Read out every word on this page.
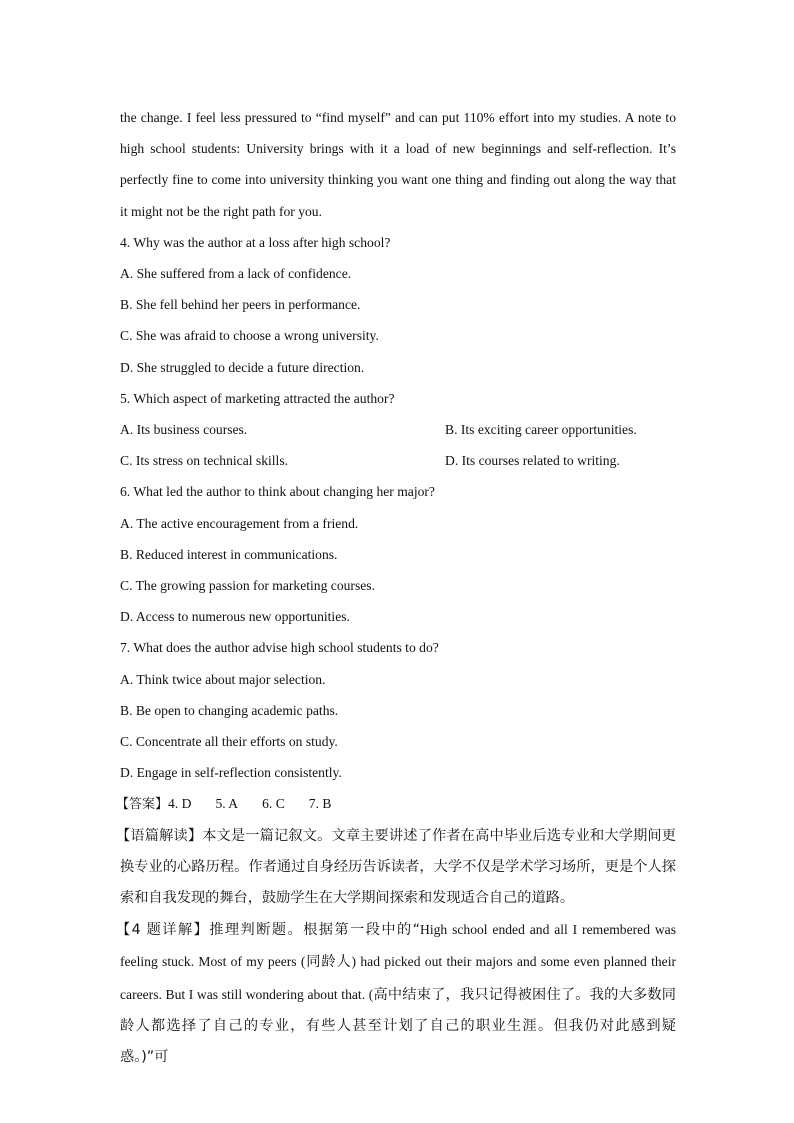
the change. I feel less pressured to “find myself” and can put 110% effort into my studies. A note to high school students: University brings with it a load of new beginnings and self-reflection. It’s perfectly fine to come into university thinking you want one thing and finding out along the way that it might not be the right path for you.

4. Why was the author at a loss after high school?

A. She suffered from a lack of confidence.

B. She fell behind her peers in performance.

C. She was afraid to choose a wrong university.

D. She struggled to decide a future direction.

5. Which aspect of marketing attracted the author?

A. Its business courses.	B. Its exciting career opportunities.
C. Its stress on technical skills.	D. Its courses related to writing.

6. What led the author to think about changing her major?

A. The active encouragement from a friend.

B. Reduced interest in communications.

C. The growing passion for marketing courses.

D. Access to numerous new opportunities.

7. What does the author advise high school students to do?

A. Think twice about major selection.

B. Be open to changing academic paths.

C. Concentrate all their efforts on study.

D. Engage in self-reflection consistently.

【答案】4. D 5. A 6. C 7. B

【语篇解读】本文是一篇记叙文。文章主要讲述了作者在高中毕业后选专业和大学期间更换专业的心路历程。作者通过自身经历告诉读者，大学不仅是学术学习场所，更是个人探索和自我发现的舞台，鼓励学生在大学期间探索和发现适合自己的道路。

【4 题详解】推理判断题。根据第一段中的“High school ended and all I remembered was feeling stuck. Most of my peers (同龄人) had picked out their majors and some even planned their careers. But I was still wondering about that. (高中结束了，我只记得被困住了。我的大多数同龄人都选择了自己的专业，有些人甚至计划了自己的职业生涯。但我仍对此感到疑惑。)”可
